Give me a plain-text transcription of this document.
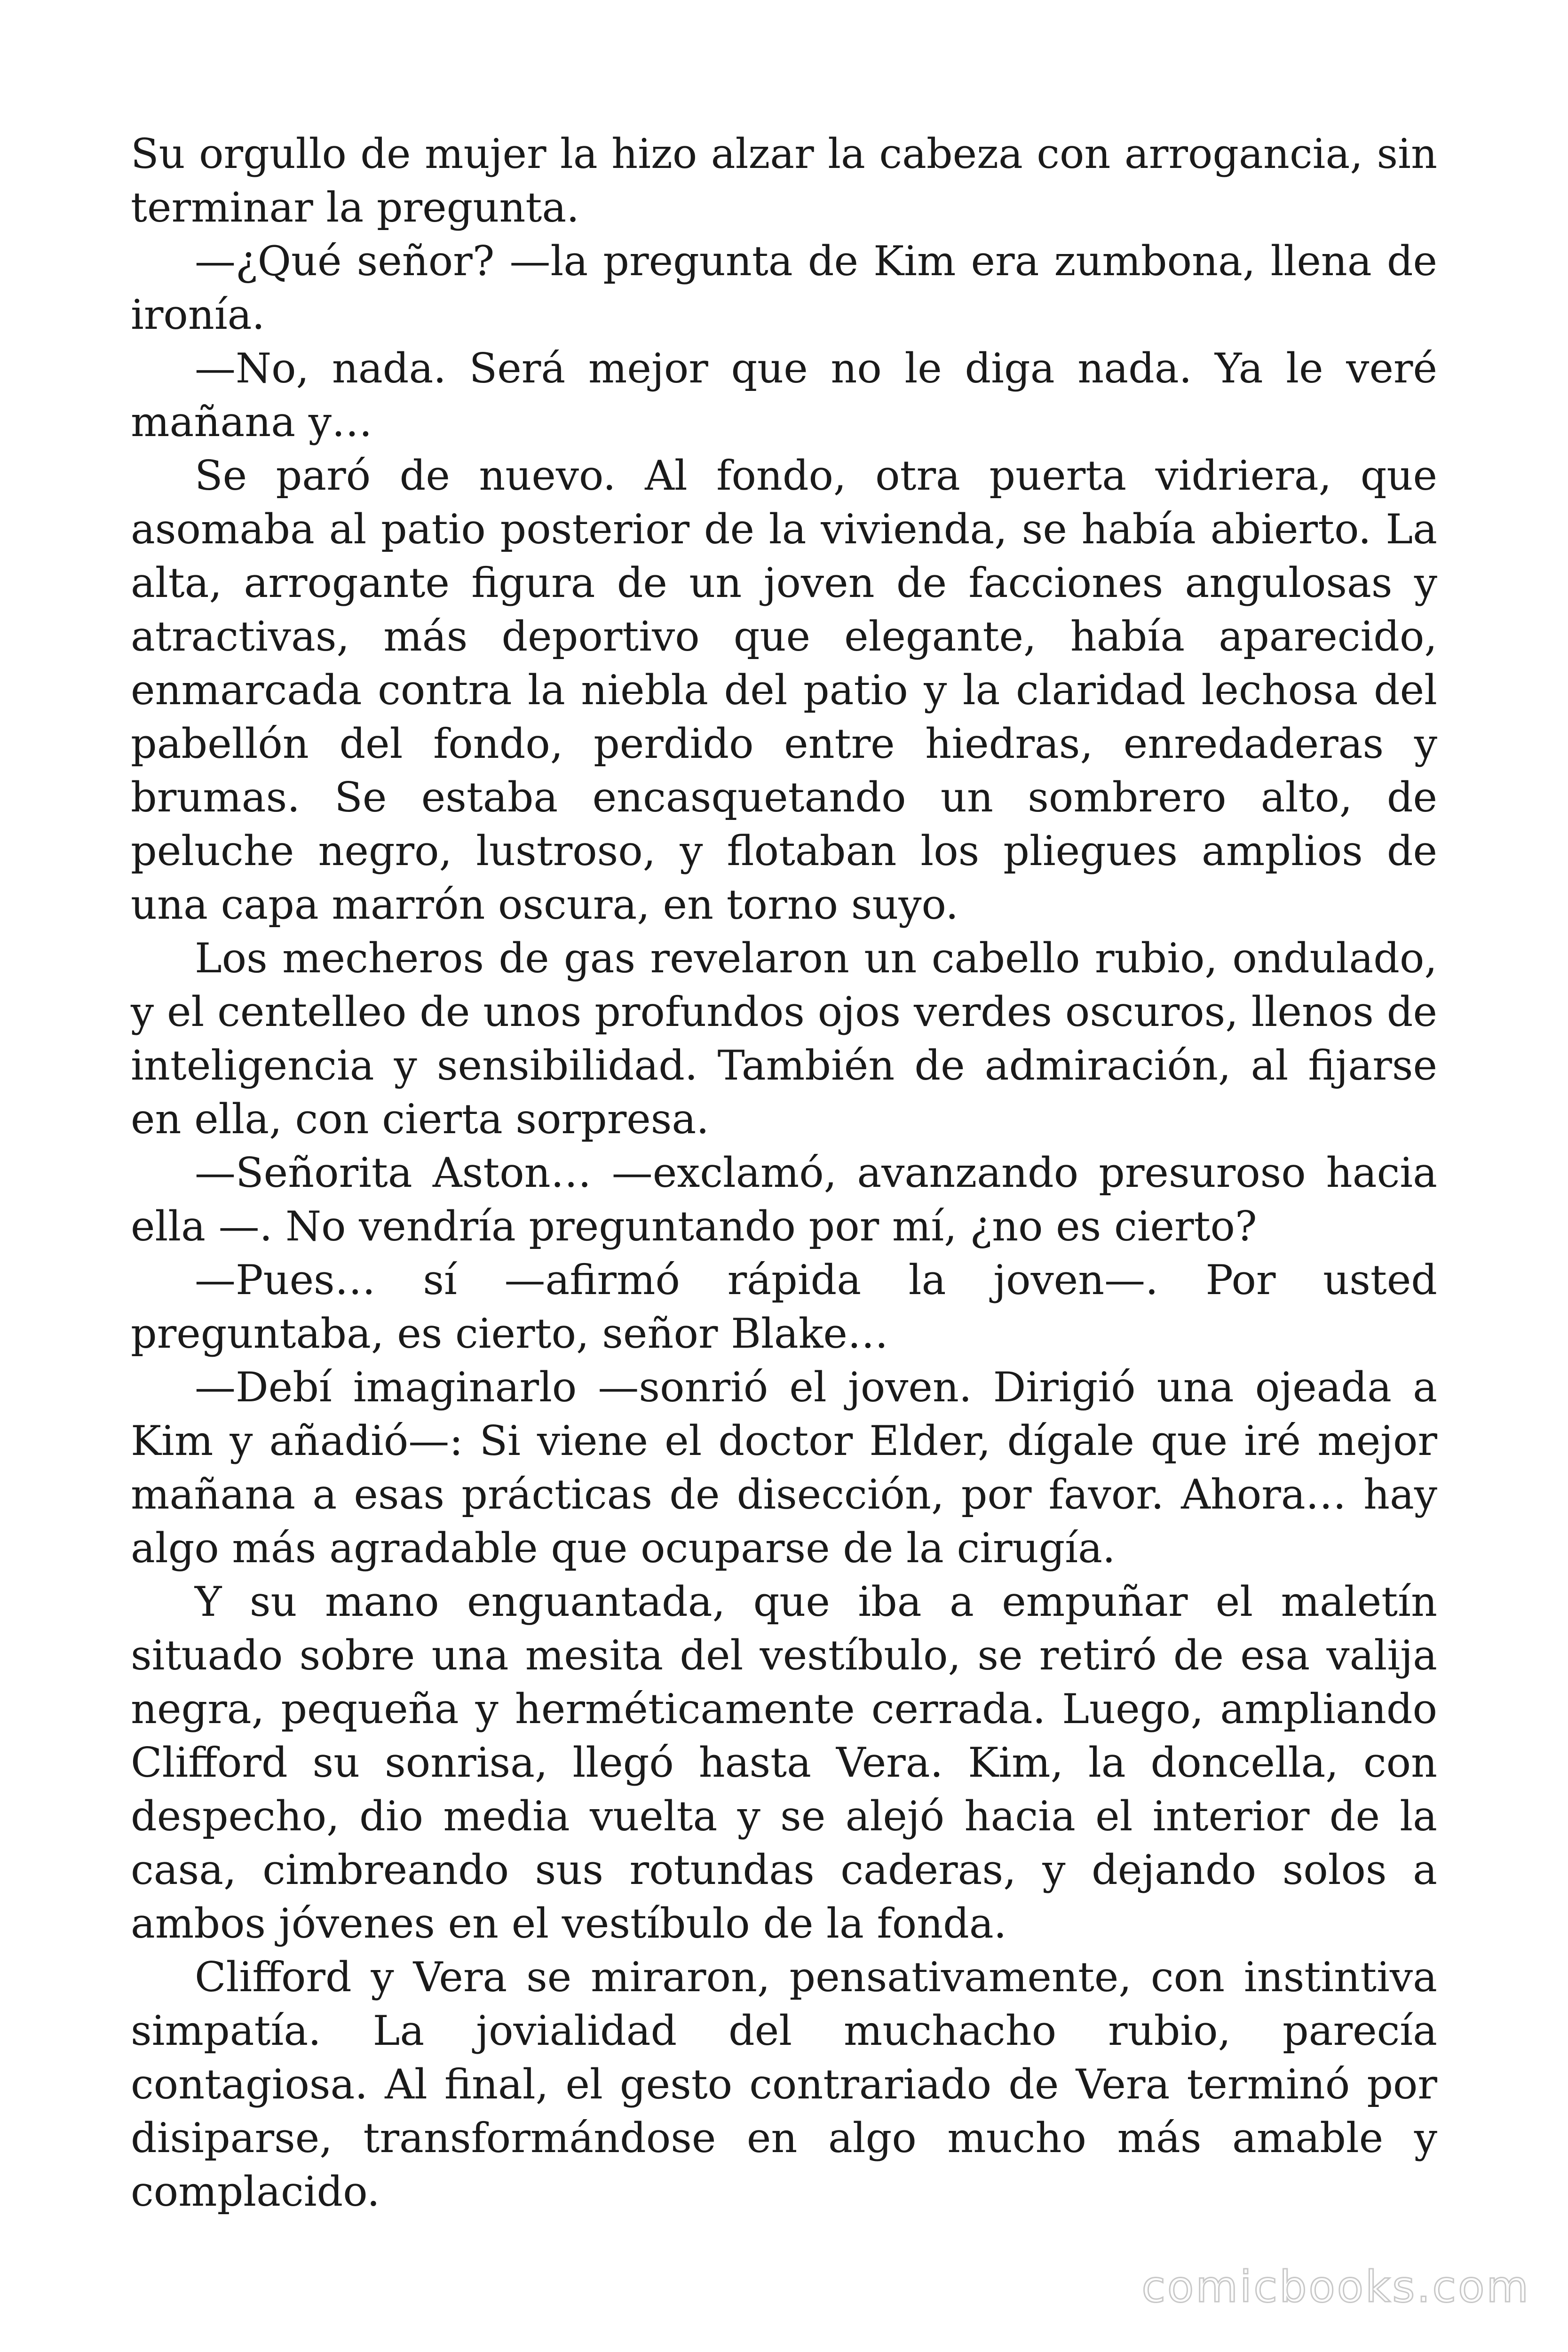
Su orgullo de mujer la hizo alzar la cabeza con arrogancia, sin terminar la pregunta.

—¿Qué señor? —la pregunta de Kim era zumbona, llena de ironía.

—No, nada. Será mejor que no le diga nada. Ya le veré mañana y…

Se paró de nuevo. Al fondo, otra puerta vidriera, que asomaba al patio posterior de la vivienda, se había abierto. La alta, arrogante figura de un joven de facciones angulosas y atractivas, más deportivo que elegante, había aparecido, enmarcada contra la niebla del patio y la claridad lechosa del pabellón del fondo, perdido entre hiedras, enredaderas y brumas. Se estaba encasquetando un sombrero alto, de peluche negro, lustroso, y flotaban los pliegues amplios de una capa marrón oscura, en torno suyo.

Los mecheros de gas revelaron un cabello rubio, ondulado, y el centelleo de unos profundos ojos verdes oscuros, llenos de inteligencia y sensibilidad. También de admiración, al fijarse en ella, con cierta sorpresa.

—Señorita Aston… —exclamó, avanzando presuroso hacia ella —. No vendría preguntando por mí, ¿no es cierto?

—Pues… sí —afirmó rápida la joven—. Por usted preguntaba, es cierto, señor Blake…

—Debí imaginarlo —sonrió el joven. Dirigió una ojeada a Kim y añadió—: Si viene el doctor Elder, dígale que iré mejor mañana a esas prácticas de disección, por favor. Ahora… hay algo más agradable que ocuparse de la cirugía.

Y su mano enguantada, que iba a empuñar el maletín situado sobre una mesita del vestíbulo, se retiró de esa valija negra, pequeña y herméticamente cerrada. Luego, ampliando Clifford su sonrisa, llegó hasta Vera. Kim, la doncella, con despecho, dio media vuelta y se alejó hacia el interior de la casa, cimbreando sus rotundas caderas, y dejando solos a ambos jóvenes en el vestíbulo de la fonda.

Clifford y Vera se miraron, pensativamente, con instintiva simpatía. La jovialidad del muchacho rubio, parecía contagiosa. Al final, el gesto contrariado de Vera terminó por disiparse, transformándose en algo mucho más amable y complacido.

comicbooks.com
